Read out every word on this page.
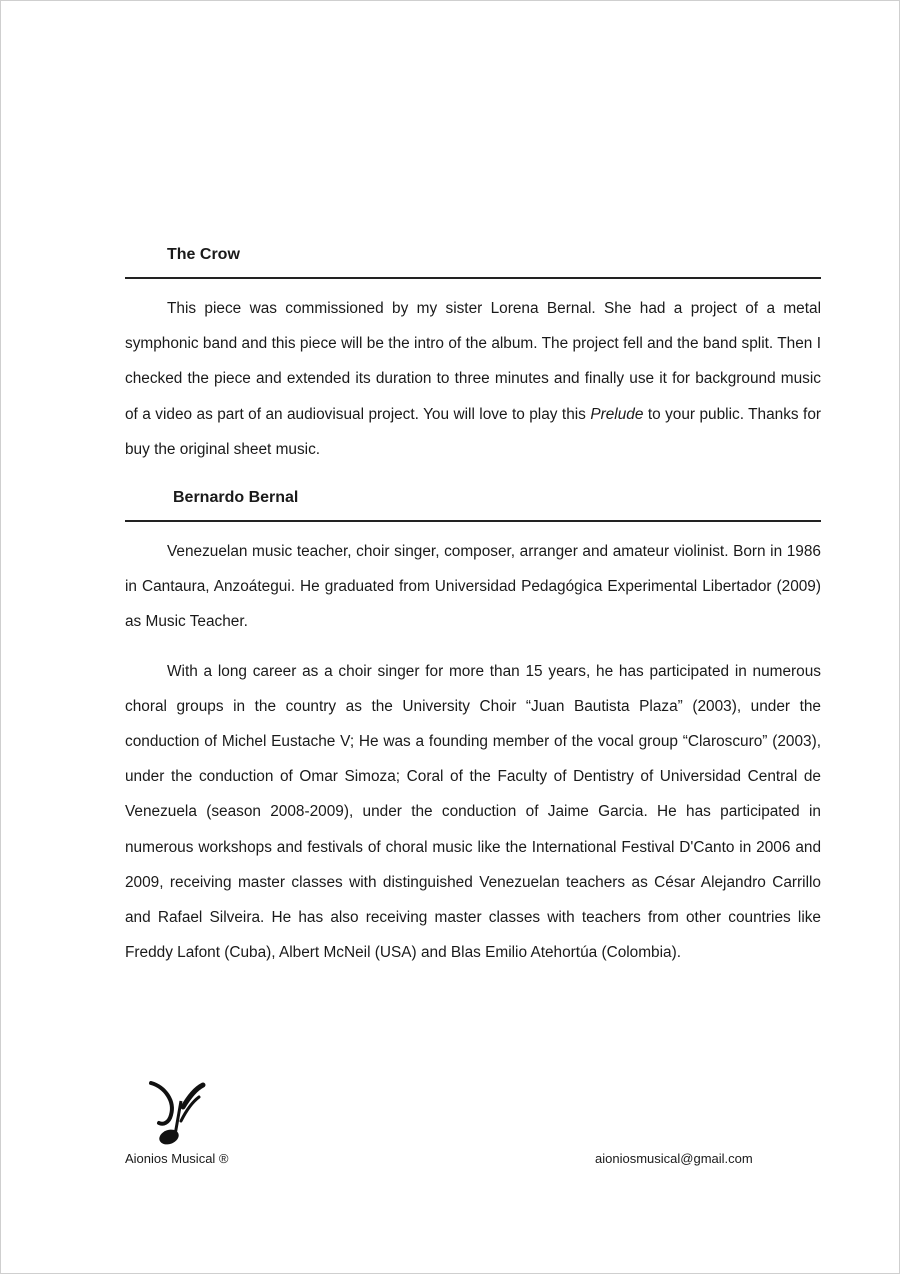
The Crow

This piece was commissioned by my sister Lorena Bernal. She had a project of a metal symphonic band and this piece will be the intro of the album. The project fell and the band split. Then I checked the piece and extended its duration to three minutes and finally use it for background music of a video as part of an audiovisual project. You will love to play this Prelude to your public. Thanks for buy the original sheet music.

Bernardo Bernal

Venezuelan music teacher, choir singer, composer, arranger and amateur violinist. Born in 1986 in Cantaura, Anzoátegui. He graduated from Universidad Pedagógica Experimental Libertador (2009) as Music Teacher.

With a long career as a choir singer for more than 15 years, he has participated in numerous choral groups in the country as the University Choir “Juan Bautista Plaza” (2003), under the conduction of Michel Eustache V; He was a founding member of the vocal group “Claroscuro” (2003), under the conduction of Omar Simoza; Coral of the Faculty of Dentistry of Universidad Central de Venezuela (season 2008-2009), under the conduction of Jaime Garcia. He has participated in numerous workshops and festivals of choral music like the International Festival D'Canto in 2006 and 2009, receiving master classes with distinguished Venezuelan teachers as César Alejandro Carrillo and Rafael Silveira. He has also receiving master classes with teachers from other countries like Freddy Lafont (Cuba), Albert McNeil (USA) and Blas Emilio Atehortúa (Colombia).

Aionios Musical ®	aioniosmusical@gmail.com
